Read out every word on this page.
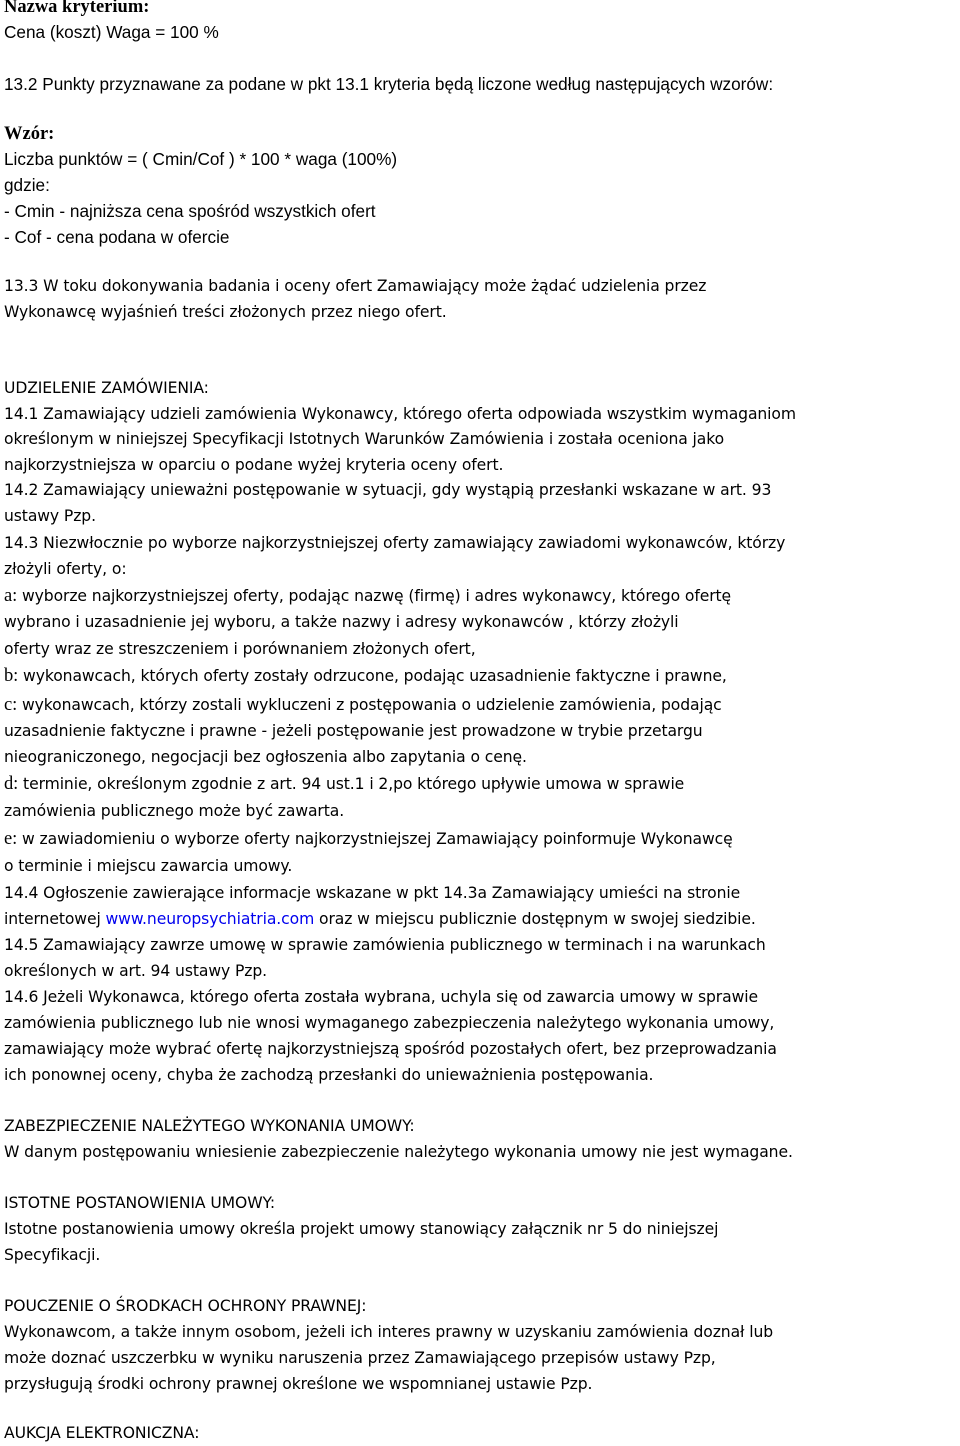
Nazwa kryterium:

Cena (koszt) Waga = 100 %

13.2 Punkty przyznawane za podane w pkt 13.1 kryteria będą liczone według następujących wzorów:

Wzór:

Liczba punktów = ( Cmin/Cof ) * 100 * waga (100%)

gdzie:

- Cmin - najniższa cena spośród wszystkich ofert

- Cof - cena podana w ofercie

13.3 W toku dokonywania badania i oceny ofert Zamawiający może żądać udzielenia przez

Wykonawcę wyjaśnień treści złożonych przez niego ofert.

UDZIELENIE ZAMÓWIENIA:

14.1 Zamawiający udzieli zamówienia Wykonawcy, którego oferta odpowiada wszystkim wymaganiom

określonym w niniejszej Specyfikacji Istotnych Warunków Zamówienia i została oceniona jako

najkorzystniejsza w oparciu o podane wyżej kryteria oceny ofert.

14.2 Zamawiający unieważni postępowanie w sytuacji, gdy wystąpią przesłanki wskazane w art. 93

ustawy Pzp.

14.3 Niezwłocznie po wyborze najkorzystniejszej oferty zamawiający zawiadomi wykonawców, którzy

złożyli oferty, o:

a: wyborze najkorzystniejszej oferty, podając nazwę (firmę) i adres wykonawcy, którego ofertę

wybrano i uzasadnienie jej wyboru, a także nazwy i adresy wykonawców , którzy złożyli

oferty wraz ze streszczeniem i porównaniem złożonych ofert,

b: wykonawcach, których oferty zostały odrzucone, podając uzasadnienie faktyczne i prawne,

c: wykonawcach, którzy zostali wykluczeni z postępowania o udzielenie zamówienia, podając

uzasadnienie faktyczne i prawne - jeżeli postępowanie jest prowadzone w trybie przetargu

nieograniczonego, negocjacji bez ogłoszenia albo zapytania o cenę.

d: terminie, określonym zgodnie z art. 94 ust.1 i 2,po którego upływie umowa w sprawie

zamówienia publicznego może być zawarta.

e: w zawiadomieniu o wyborze oferty najkorzystniejszej Zamawiający poinformuje Wykonawcę

o terminie i miejscu zawarcia umowy.

14.4 Ogłoszenie zawierające informacje wskazane w pkt 14.3a Zamawiający umieści na stronie

internetowej www.neuropsychiatria.com oraz w miejscu publicznie dostępnym w swojej siedzibie.

14.5 Zamawiający zawrze umowę w sprawie zamówienia publicznego w terminach i na warunkach

określonych w art. 94 ustawy Pzp.

14.6 Jeżeli Wykonawca, którego oferta została wybrana, uchyla się od zawarcia umowy w sprawie

zamówienia publicznego lub nie wnosi wymaganego zabezpieczenia należytego wykonania umowy,

zamawiający może wybrać ofertę najkorzystniejszą spośród pozostałych ofert, bez przeprowadzania

ich ponownej oceny, chyba że zachodzą przesłanki do unieważnienia postępowania.

ZABEZPIECZENIE NALEŻYTEGO WYKONANIA UMOWY:

W danym postępowaniu wniesienie zabezpieczenie należytego wykonania umowy nie jest wymagane.

ISTOTNE POSTANOWIENIA UMOWY:

Istotne postanowienia umowy określa projekt umowy stanowiący załącznik nr 5 do niniejszej

Specyfikacji.

POUCZENIE O ŚRODKACH OCHRONY PRAWNEJ:

Wykonawcom, a także innym osobom, jeżeli ich interes prawny w uzyskaniu zamówienia doznał lub

może doznać uszczerbku w wyniku naruszenia przez Zamawiającego przepisów ustawy Pzp,

przysługują środki ochrony prawnej określone we wspomnianej ustawie Pzp.

AUKCJA ELEKTRONICZNA:
